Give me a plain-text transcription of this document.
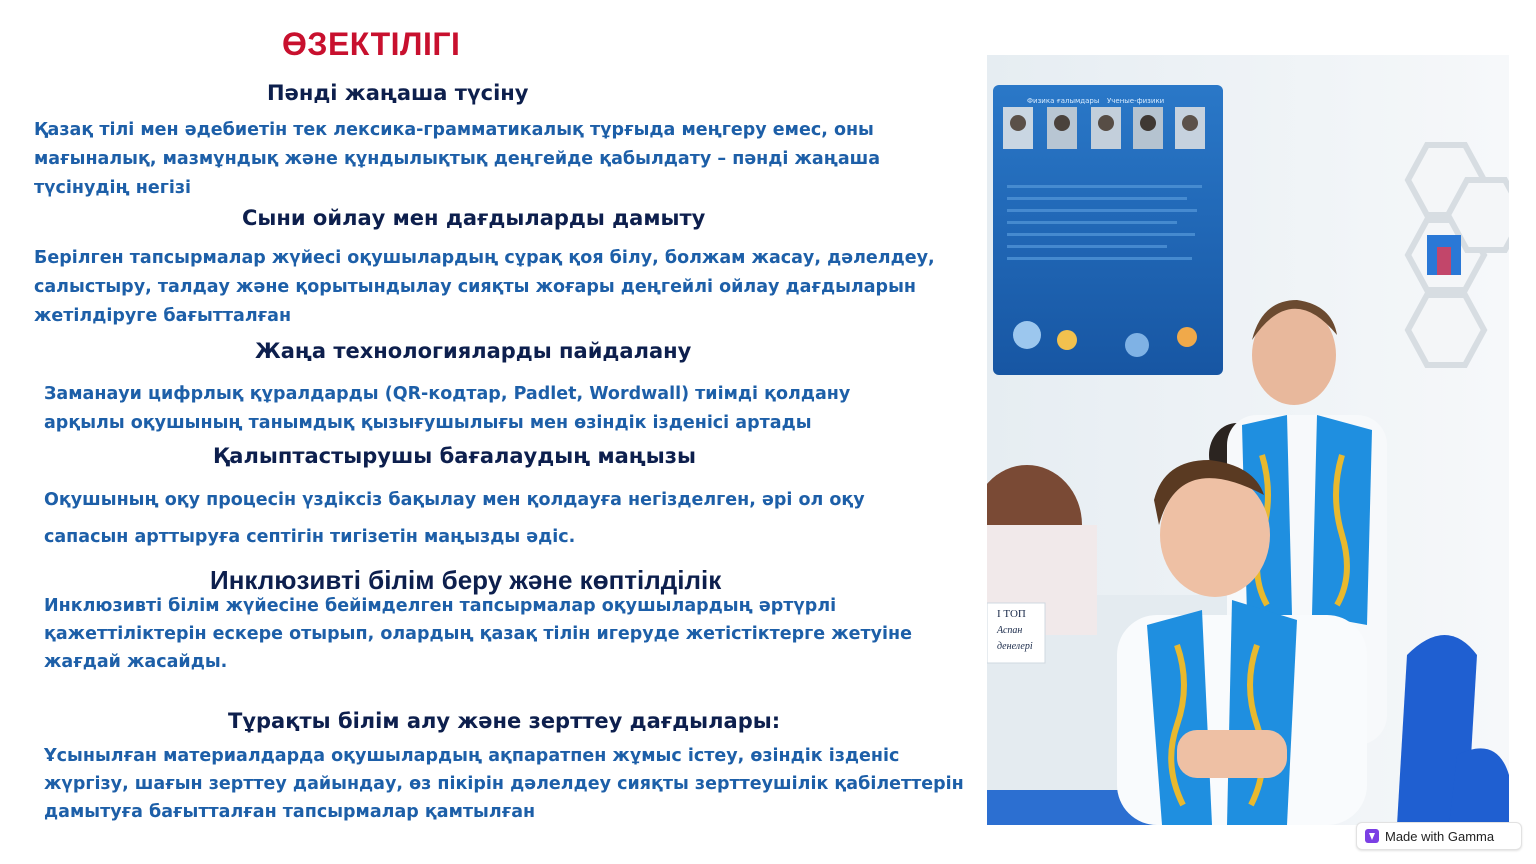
ӨЗЕКТІЛІГІ
Пәнді жаңаша түсіну

Қазақ тілі мен әдебиетін тек лексика-грамматикалық тұрғыда меңгеру емес, оны
мағыналық, мазмұндық және құндылықтық деңгейде қабылдату – пәнді жаңаша
түсінудің негізі

Сыни ойлау мен дағдыларды дамыту

Берілген тапсырмалар жүйесі оқушылардың сұрақ қоя білу, болжам жасау, дәлелдеу,
салыстыру, талдау және қорытындылау сияқты жоғары деңгейлі ойлау дағдыларын
жетілдіруге бағытталған

Жаңа технологияларды пайдалану

Заманауи цифрлық құралдарды (QR-кодтар, Padlet, Wordwall) тиімді қолдану
арқылы оқушының танымдық қызығушылығы мен өзіндік ізденісі артады

Қалыптастырушы бағалаудың маңызы

Оқушының оқу процесін үздіксіз бақылау мен қолдауға негізделген, әрі ол оқу
сапасын арттыруға септігін тигізетін маңызды әдіс.

Инклюзивті білім беру және көптілділік

Инклюзивті білім жүйесіне бейімделген тапсырмалар оқушылардың әртүрлі
қажеттіліктерін ескере отырып, олардың қазақ тілін игеруде жетістіктерге жетуіне
жағдай жасайды.

Тұрақты білім алу және зерттеу дағдылары:

Ұсынылған материалдарда оқушылардың ақпаратпен жұмыс істеу, өзіндік ізденіс
жүргізу, шағын зерттеу дайындау, өз пікірін дәлелдеу сияқты зерттеушілік қабілеттерін
дамытуға бағытталған тапсырмалар қамтылған

Физика ғалымдары Ученые-физики
I ТОП
Аспан
денелері
Made with Gamma
